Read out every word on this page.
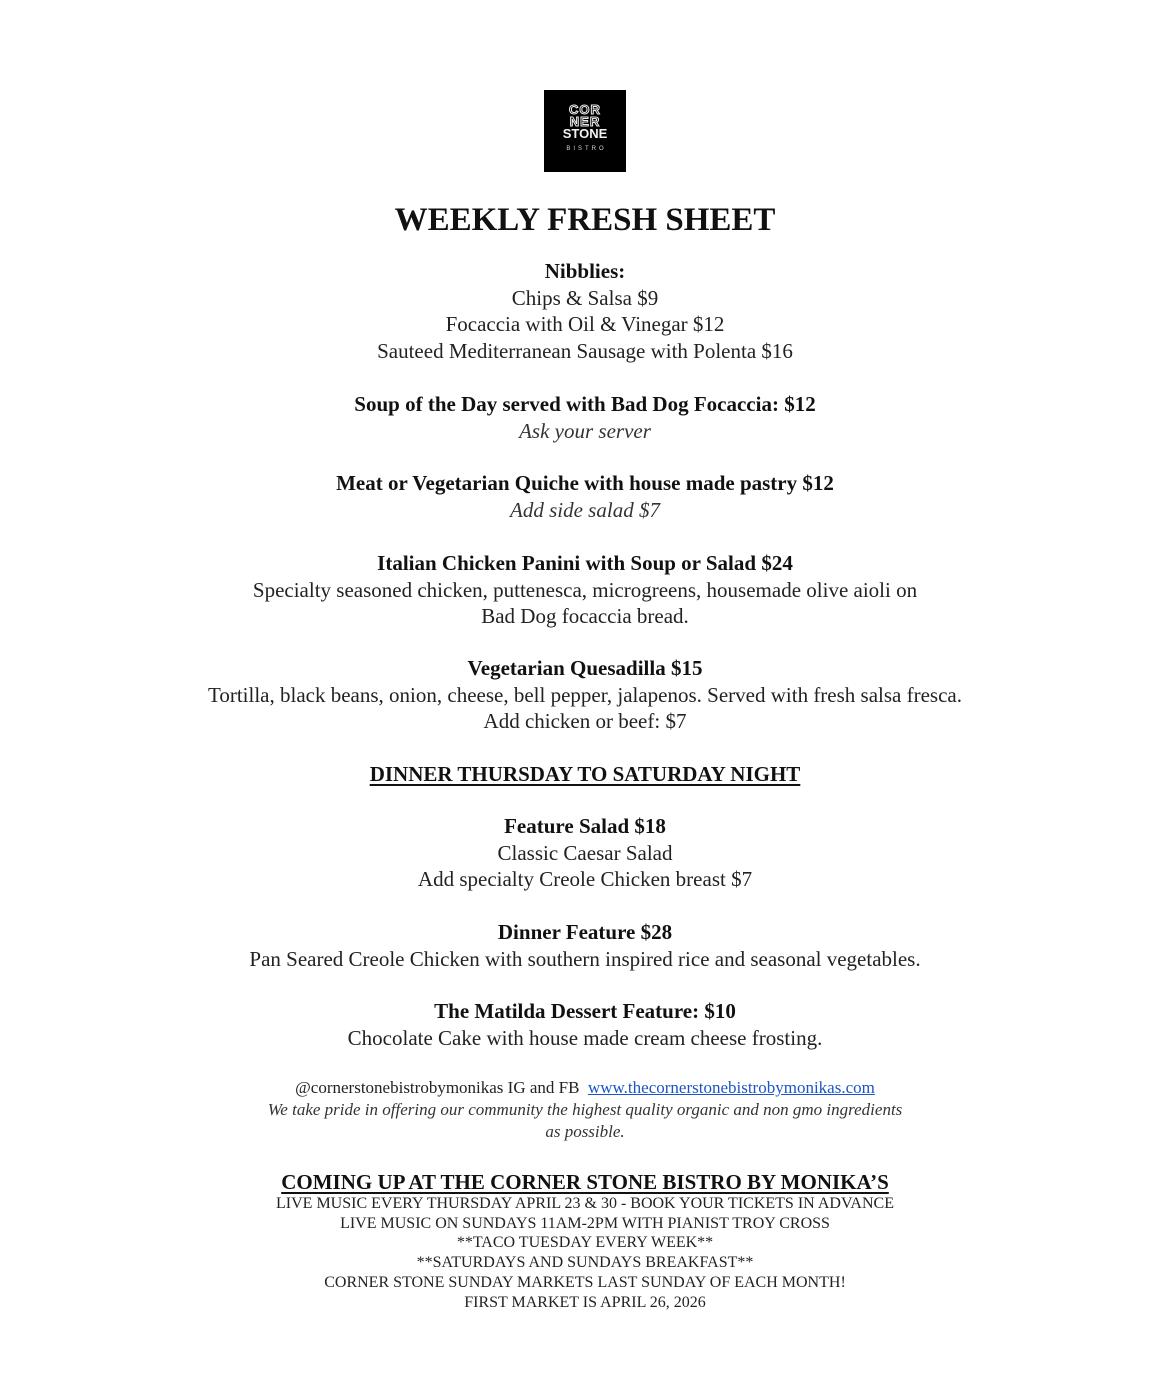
COR
NER
STONE
BISTRO
WEEKLY FRESH SHEET
Nibblies:
Chips & Salsa $9
Focaccia with Oil & Vinegar $12
Sauteed Mediterranean Sausage with Polenta $16
Soup of the Day served with Bad Dog Focaccia: $12
Ask your server
Meat or Vegetarian Quiche with house made pastry $12
Add side salad $7
Italian Chicken Panini with Soup or Salad $24
Specialty seasoned chicken, puttenesca, microgreens, housemade olive aioli on
Bad Dog focaccia bread.
Vegetarian Quesadilla $15
Tortilla, black beans, onion, cheese, bell pepper, jalapenos. Served with fresh salsa fresca.
Add chicken or beef: $7
DINNER THURSDAY TO SATURDAY NIGHT
Feature Salad $18
Classic Caesar Salad
Add specialty Creole Chicken breast $7
Dinner Feature $28
Pan Seared Creole Chicken with southern inspired rice and seasonal vegetables.
The Matilda Dessert Feature: $10
Chocolate Cake with house made cream cheese frosting.
@cornerstonebistrobymonikas IG and FB www.thecornerstonebistrobymonikas.com
We take pride in offering our community the highest quality organic and non gmo ingredients
as possible.
COMING UP AT THE CORNER STONE BISTRO BY MONIKA’S
LIVE MUSIC EVERY THURSDAY APRIL 23 & 30 - BOOK YOUR TICKETS IN ADVANCE
LIVE MUSIC ON SUNDAYS 11AM-2PM WITH PIANIST TROY CROSS
**TACO TUESDAY EVERY WEEK**
**SATURDAYS AND SUNDAYS BREAKFAST**
CORNER STONE SUNDAY MARKETS LAST SUNDAY OF EACH MONTH!
FIRST MARKET IS APRIL 26, 2026
